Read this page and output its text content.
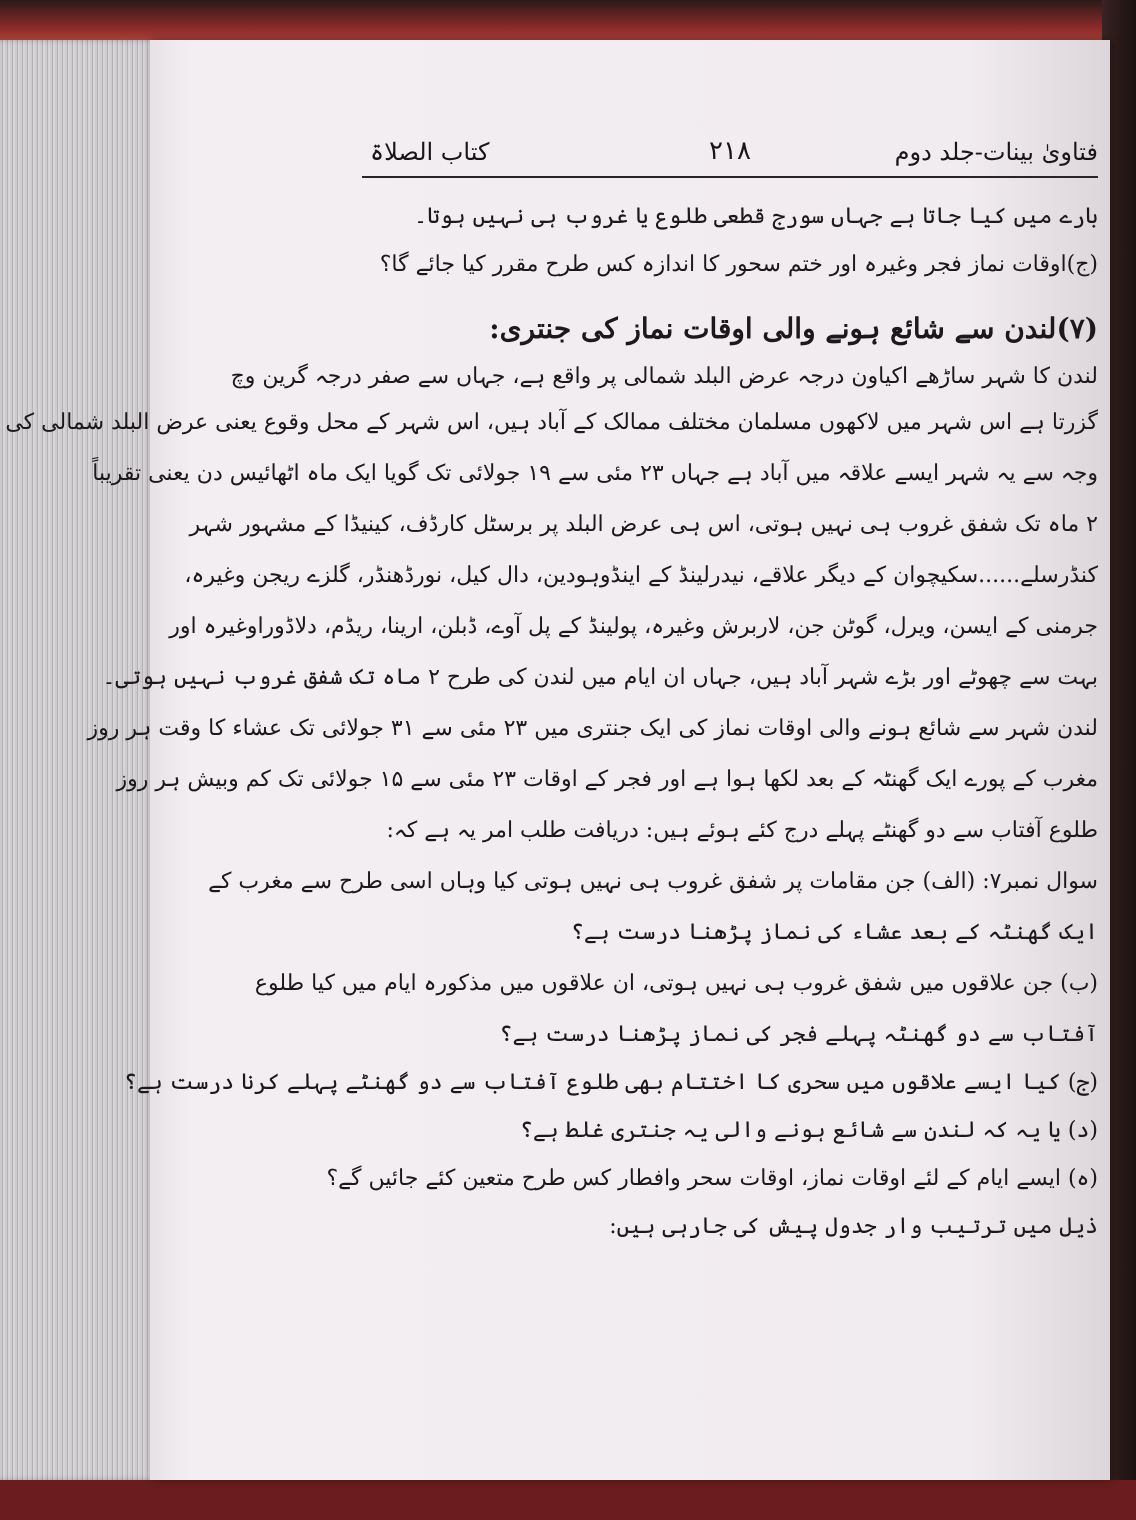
فتاویٰ بینات-جلد دوم
۲۱۸
کتاب الصلاۃ

بارے میں کیا جاتا ہے جہاں سورج قطعی طلوع یا غروب ہی نہیں ہوتا۔

(ج)اوقات نماز فجر وغیرہ اور ختم سحور کا اندازہ کس طرح مقرر کیا جائے گا؟

(۷)لندن سے شائع ہونے والی اوقات نماز کی جنتری:

لندن کا شہر ساڑھے اکیاون درجہ عرض البلد شمالی پر واقع ہے، جہاں سے صفر درجہ گرین وچ

گزرتا ہے اس شہر میں لاکھوں مسلمان مختلف ممالک کے آباد ہیں، اس شہر کے محل وقوع یعنی عرض البلد شمالی کی

وجہ سے یہ شہر ایسے علاقہ میں آباد ہے جہاں ۲۳ مئی سے ۱۹ جولائی تک گویا ایک ماہ اٹھائیس دن یعنی تقریباً

۲ ماہ تک شفق غروب ہی نہیں ہوتی، اس ہی عرض البلد پر برسٹل کارڈف، کینیڈا کے مشہور شہر

کنڈرسلے......سکیچوان کے دیگر علاقے، نیدرلینڈ کے اینڈوہودین، دال کیل، نورڈھنڈر، گلزے ریجن وغیرہ،

جرمنی کے ایسن، ویرل، گوٹن جن، لاربرش وغیرہ، پولینڈ کے پل آوے، ڈبلن، ارینا، ریڈم، دلاڈوراوغیرہ اور

بہت سے چھوٹے اور بڑے شہر آباد ہیں، جہاں ان ایام میں لندن کی طرح ۲ ماہ تک شفق غروب نہیں ہوتی۔

لندن شہر سے شائع ہونے والی اوقات نماز کی ایک جنتری میں ۲۳ مئی سے ۳۱ جولائی تک عشاء کا وقت ہر روز

مغرب کے پورے ایک گھنٹہ کے بعد لکھا ہوا ہے اور فجر کے اوقات ۲۳ مئی سے ۱۵ جولائی تک کم وبیش ہر روز

طلوع آفتاب سے دو گھنٹے پہلے درج کئے ہوئے ہیں: دریافت طلب امر یہ ہے کہ:

سوال نمبر۷: (الف) جن مقامات پر شفق غروب ہی نہیں ہوتی کیا وہاں اسی طرح سے مغرب کے

ایک گھنٹہ کے بعد عشاء کی نماز پڑھنا درست ہے؟

(ب) جن علاقوں میں شفق غروب ہی نہیں ہوتی، ان علاقوں میں مذکورہ ایام میں کیا طلوع

آفتاب سے دو گھنٹہ پہلے فجر کی نماز پڑھنا درست ہے؟

(ج) کیا ایسے علاقوں میں سحری کا اختتام بھی طلوع آفتاب سے دو گھنٹے پہلے کرنا درست ہے؟

(د) یا یہ کہ لندن سے شائع ہونے والی یہ جنتری غلط ہے؟

(ہ) ایسے ایام کے لئے اوقات نماز، اوقات سحر وافطار کس طرح متعین کئے جائیں گے؟

ذیل میں ترتیب وار جدول پیش کی جارہی ہیں:
